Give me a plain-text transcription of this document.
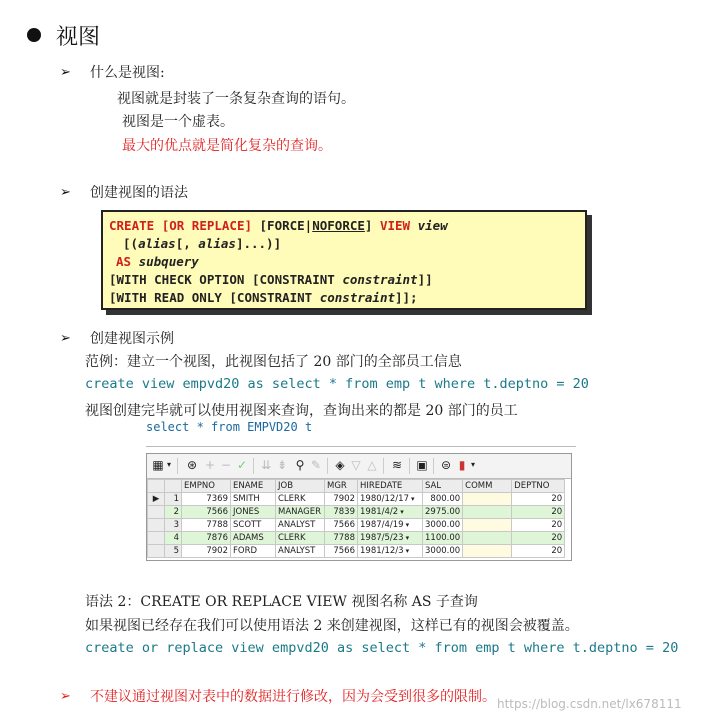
视图
➢ 什么是视图:
视图就是封装了一条复杂查询的语句。
视图是一个虚表。
最大的优点就是简化复杂的查询。
➢ 创建视图的语法
CREATE [OR REPLACE] [FORCE|NOFORCE] VIEW view
[(alias[, alias]...)]
AS subquery
[WITH CHECK OPTION [CONSTRAINT constraint]]
[WITH READ ONLY [CONSTRAINT constraint]];
➢ 创建视图示例
范例：建立一个视图，此视图包括了 20 部门的全部员工信息
create view empvd20 as select * from emp t where t.deptno = 20
视图创建完毕就可以使用视图来查询，查询出来的都是 20 部门的员工
select * from EMPVD20 t
▦ ▾ ⊛ + − ✓ ⇊ ⇟ ⚲ ✎ ◈ ▽ △ ≋ ▣ ⊜ ▮ ▾
		EMPNO	ENAME	JOB	MGR	HIREDATE	SAL	COMM	DEPTNO
▶	1	7369	SMITH	CLERK	7902	1980/12/17 ▾	800.00		20
	2	7566	JONES	MANAGER	7839	1981/4/2 ▾	2975.00		20
	3	7788	SCOTT	ANALYST	7566	1987/4/19 ▾	3000.00		20
	4	7876	ADAMS	CLERK	7788	1987/5/23 ▾	1100.00		20
	5	7902	FORD	ANALYST	7566	1981/12/3 ▾	3000.00		20
语法 2：CREATE OR REPLACE VIEW 视图名称 AS 子查询
如果视图已经存在我们可以使用语法 2 来创建视图，这样已有的视图会被覆盖。
create or replace view empvd20 as select * from emp t where t.deptno = 20
➢ 不建议通过视图对表中的数据进行修改，因为会受到很多的限制。 https://blog.csdn.net/lx678111
